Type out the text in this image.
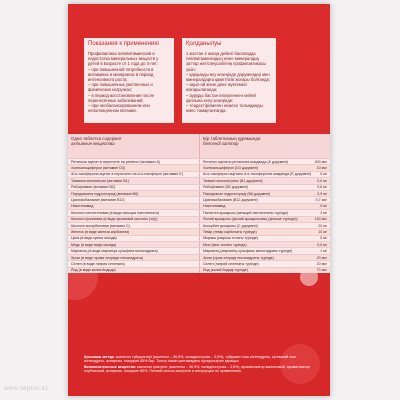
Показания к применению

Профилактика гиповитаминозов и недостатка минеральных веществ у детей в возрасте от 1 года до 4-лет:

– при повышенной потребности в витаминах и минералах в период интенсивного роста;
– при повышенных умственных и физических нагрузках;
– в период восстановления после перенесённых заболеваний;
– при несбалансированном или неполноценном питании.
Қолданылуы

1 жастан 4 жасқа дейінгі балаларда гиповитаминоздың және минералдық заттар жетіспеушілігінің профилактикасы үшін:

– қарқынды өсу кезеңінде дәрумендер мен минералдарға қажеттілік жоғары болғанда;
– ақыл-ой және дене жүктемесі жоғарылағанда;
– ауруды бастан өткергеннен кейінгі қалпына келу кезеңінде;
– теңдестірілмеген немесе толыққанды емес тамақтанғанда.
Одна таблетка содержит
активные вещества
Бір таблетканың құрамында
белсенді заттар
Ретинола ацетат в пересчете на ретинол (витамин А)	Ретинол ацетаты ретинолға шаққанда (А дәрумені)	400 мкг
Холекальциферол (витамин D3)	Холекальциферол (D3 дәрумені)	10 мкг
dl-α-токоферола ацетат в пересчете на d-α-токоферол (витамин Е)	dl-α-токоферол ацетаты d-α-токоферолға шаққанда (Е дәрумені)	5 мг
Тиамина мононитрат (витамин В1)	Тиамин мононитраты (В1 дәрумені)	0,6 мг
Рибофлавин (витамин В2)	Рибофлавин (В2 дәрумені)	0,8 мг
Пиридоксина гидрохлорид (витамин В6)	Пиридоксин гидрохлориді (В6 дәрумені)	0,9 мг
Цианокобаламин (витамин В12)	Цианокобаламин (В12 дәрумені)	0,7 мкг
Никотинамид	Никотинамид	9 мг
Кислота пантотеновая (в виде кальция пантотената)	Пантотен қышқылы (кальций пантотенаты түрінде)	3 мг
Кислота фолиевая (в виде фолиевой кислоты (ч/р))	Фолий қышқылы (фолий қышқылының (ерекше түрінде))	150 мкг
Кислота аскорбиновая (витамин С)	Аскорбин қышқылы (С дәрумені)	20 мг
Железо (в виде железа карбоната)	Темір (темір карбонаты түрінде)	10 мг
Цинк (в виде цинка оксида)	Мырыш (мырыш тотығы түрінде)	5 мг
Медь (в виде меди оксида)	Мыс (мыс тотығы түрінде)	0,5 мг
Марганец (в виде марганца сульфата моногидрата)	Марганец (марганец сульфаты моногидраты түрінде)	1 мг
Хром (в виде хрома хлорида гексагидрата)	Хром (хром хлориді гексагидраты түрінде)	20 мкг
Селен (в виде натрия селената)	Селен (натрий селенаты түрінде)	20 мкг
Йод (в виде калия йодида)	Йод (калий йодиді түрінде)	70 мкг

Қосымша заттар: ксилитол түйіршіктері (ксилитол – 96,5%, полидекстроза – 3,5%), түйіршікті хош иістендіргіш, күлпынай хош иістендіргіш, аспартам, глицерин 85% бар. Толық тізімін қаптамадағы нұсқаулықтан қараңыз.

Вспомогательные вещества: ксилитол гранулят (ксилитол – 96,5%, полидекстроза – 3,5%), ароматизатор малиновый, ароматизатор клубничный, аспартам, глицерин 85%. Полный список смотрите в инструкции по применению.

www.neptun.kz
